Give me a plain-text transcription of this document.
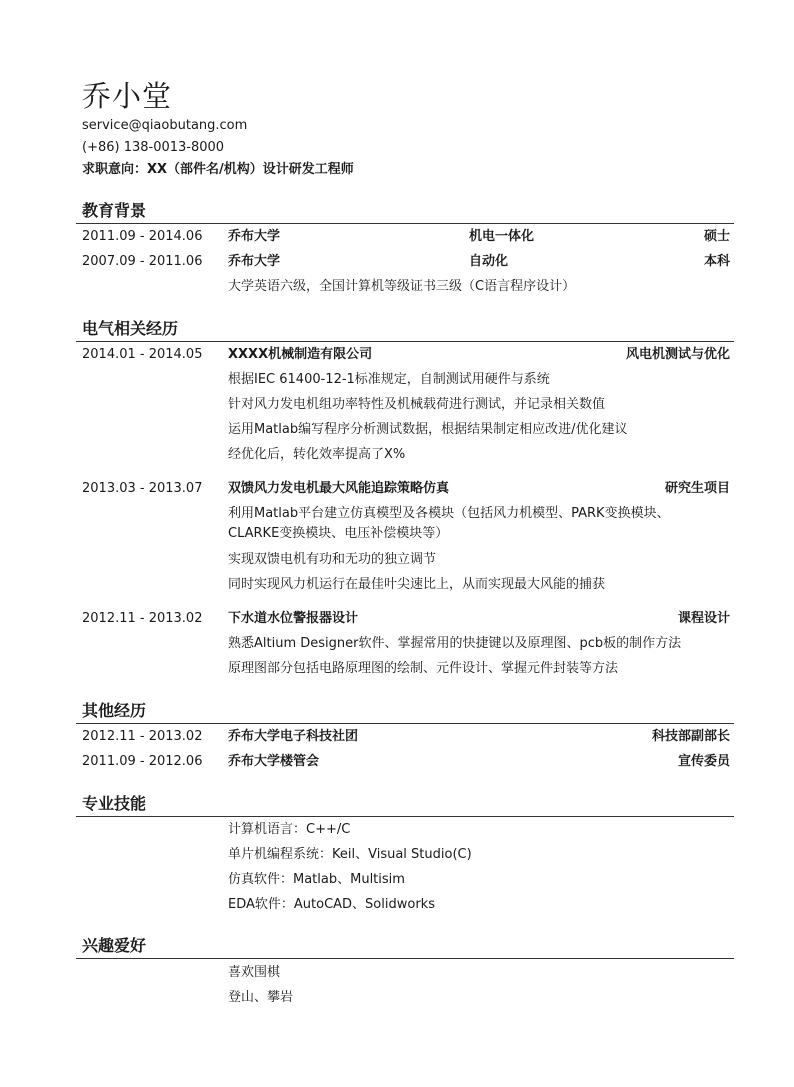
乔小堂
service@qiaobutang.com
(+86) 138-0013-8000
求职意向：XX（部件名/机构）设计研发工程师
教育背景
2011.09 - 2014.06 乔布大学	机电一体化	硕士
2007.09 - 2011.06 乔布大学	自动化	本科
大学英语六级，全国计算机等级证书三级（C语言程序设计）
电气相关经历
2014.01 - 2014.05 XXXX机械制造有限公司	风电机测试与优化
根据IEC 61400-12-1标准规定，自制测试用硬件与系统
针对风力发电机组功率特性及机械载荷进行测试，并记录相关数值
运用Matlab编写程序分析测试数据，根据结果制定相应改进/优化建议
经优化后，转化效率提高了X%
2013.03 - 2013.07 双馈风力发电机最大风能追踪策略仿真	研究生项目
利用Matlab平台建立仿真模型及各模块（包括风力机模型、PARK变换模块、CLARKE变换模块、电压补偿模块等）
实现双馈电机有功和无功的独立调节
同时实现风力机运行在最佳叶尖速比上，从而实现最大风能的捕获
2012.11 - 2013.02 下水道水位警报器设计	课程设计
熟悉Altium Designer软件、掌握常用的快捷键以及原理图、pcb板的制作方法
原理图部分包括电路原理图的绘制、元件设计、掌握元件封装等方法
其他经历
2012.11 - 2013.02 乔布大学电子科技社团	科技部副部长
2011.09 - 2012.06 乔布大学楼管会	宣传委员
专业技能
计算机语言：C++/C
单片机编程系统：Keil、Visual Studio(C)
仿真软件：Matlab、Multisim
EDA软件：AutoCAD、Solidworks
兴趣爱好
喜欢围棋
登山、攀岩
